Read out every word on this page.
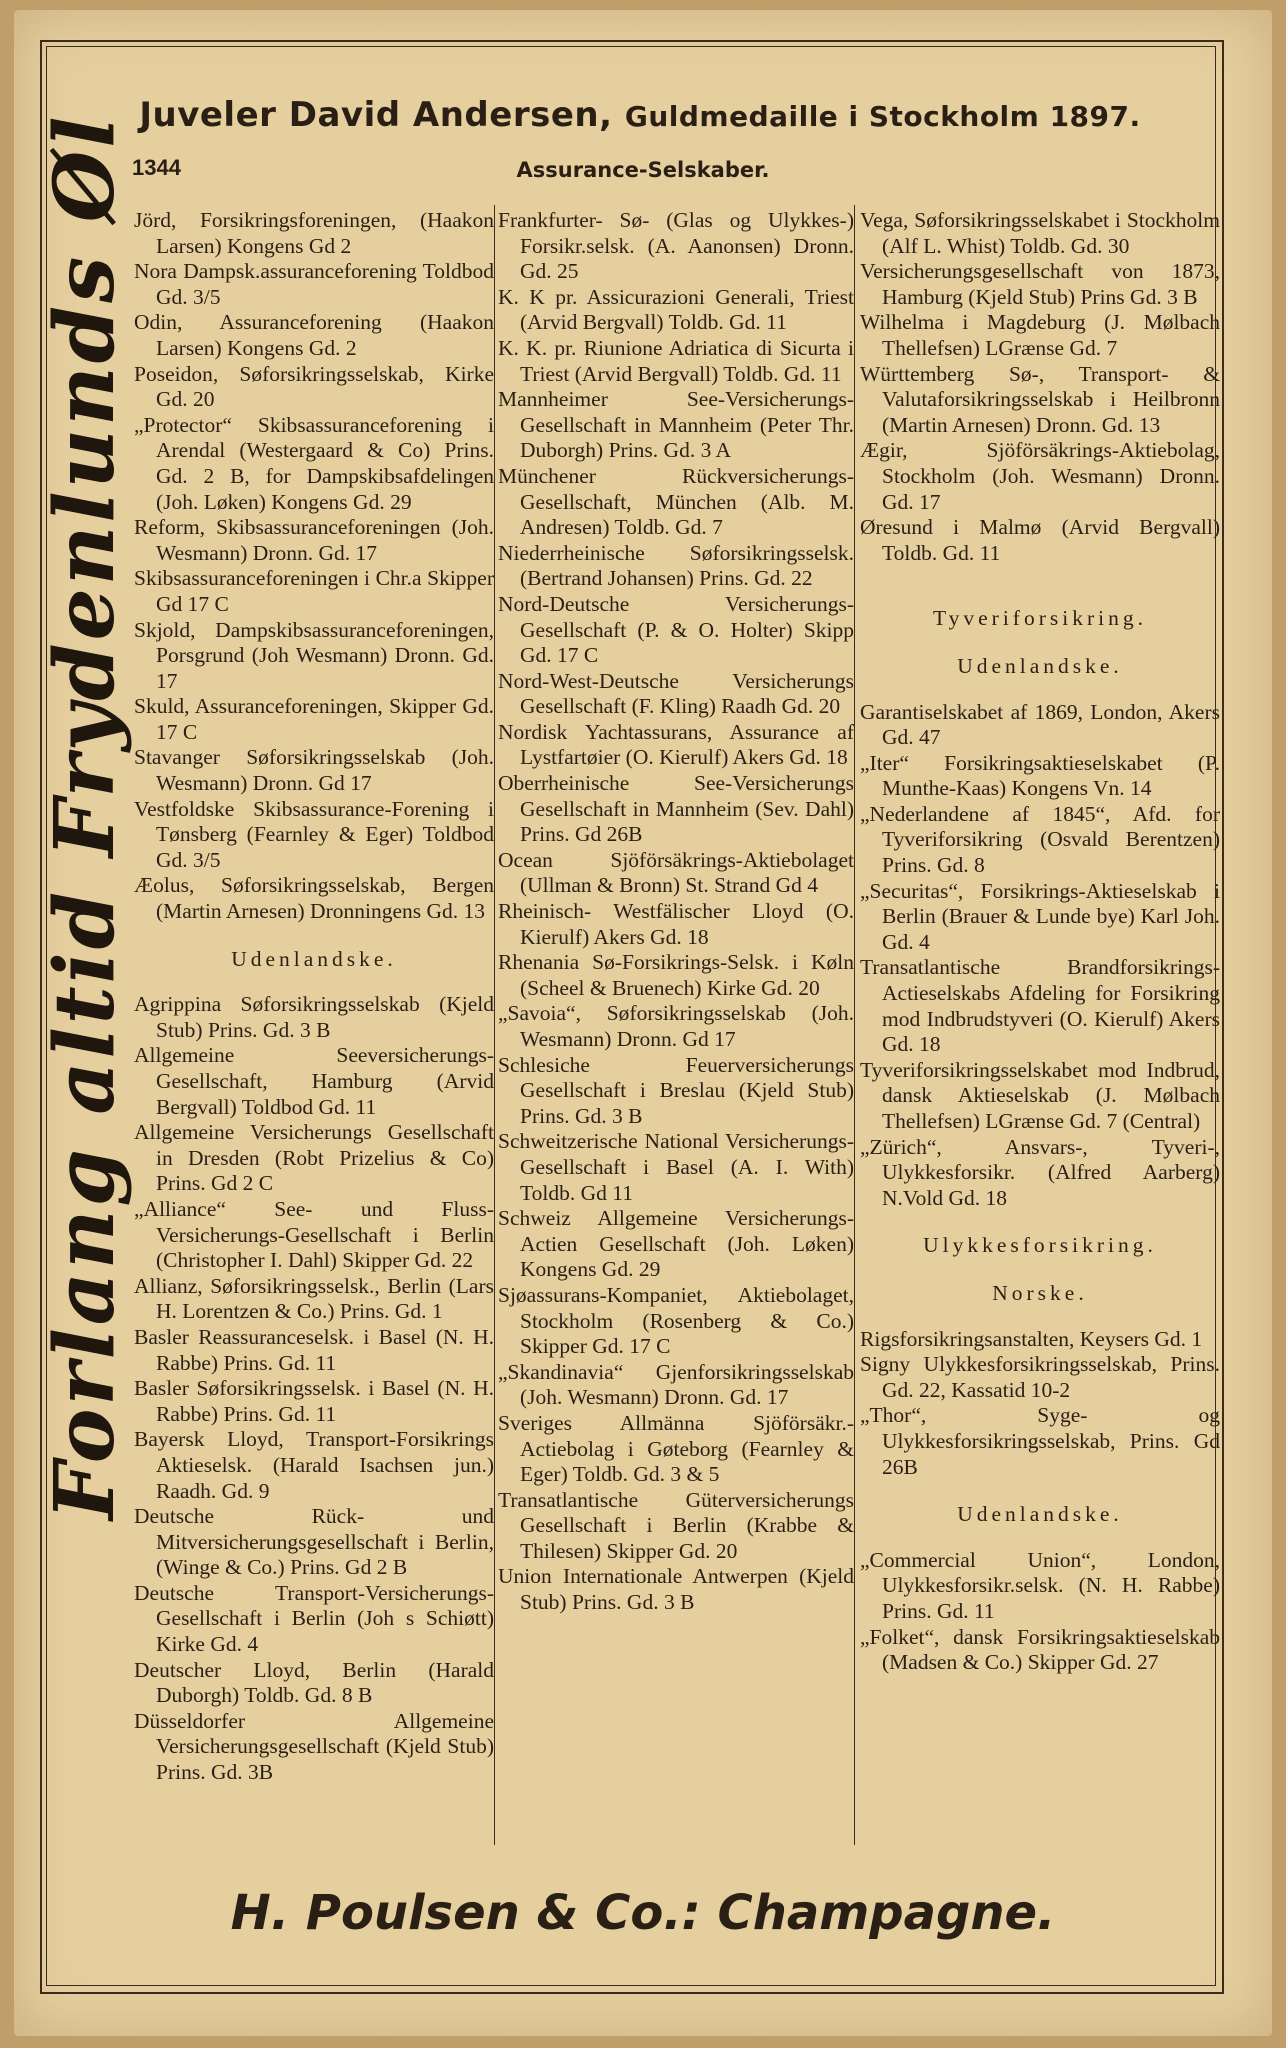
Juveler David Andersen, Guldmedaille i Stockholm 1897.
1344	Assurance-Selskaber.
Forlang altid Frydenlunds Øl Jörd, Forsikringsforeningen, (Haakon Larsen) Kongens Gd 2

Nora Dampsk.assuranceforening Toldbod Gd. 3/5

Odin, Assuranceforening (Haakon Larsen) Kongens Gd. 2

Poseidon, Søforsikringsselskab, Kirke Gd. 20

„Protector“ Skibsassuranceforening i Arendal (Westergaard & Co) Prins. Gd. 2 B, for Dampskibsafdelingen (Joh. Løken) Kongens Gd. 29

Reform, Skibsassuranceforeningen (Joh. Wesmann) Dronn. Gd. 17

Skibsassuranceforeningen i Chr.a Skipper Gd 17 C

Skjold, Dampskibsassuranceforeningen, Porsgrund (Joh Wesmann) Dronn. Gd. 17

Skuld, Assuranceforeningen, Skipper Gd. 17 C

Stavanger Søforsikringsselskab (Joh. Wesmann) Dronn. Gd 17

Vestfoldske Skibsassurance-Forening i Tønsberg (Fearnley & Eger) Toldbod Gd. 3/5

Æolus, Søforsikringsselskab, Bergen (Martin Arnesen) Dronningens Gd. 13

Udenlandske.

Agrippina Søforsikringsselskab (Kjeld Stub) Prins. Gd. 3 B

Allgemeine Seeversicherungs-Gesellschaft, Hamburg (Arvid Bergvall) Toldbod Gd. 11

Allgemeine Versicherungs Gesellschaft in Dresden (Robt Prizelius & Co) Prins. Gd 2 C

„Alliance“ See- und Fluss-Versicherungs-Gesellschaft i Berlin (Christopher I. Dahl) Skipper Gd. 22

Allianz, Søforsikringsselsk., Berlin (Lars H. Lorentzen & Co.) Prins. Gd. 1

Basler Reassuranceselsk. i Basel (N. H. Rabbe) Prins. Gd. 11

Basler Søforsikringsselsk. i Basel (N. H. Rabbe) Prins. Gd. 11

Bayersk Lloyd, Transport-Forsikrings Aktieselsk. (Harald Isachsen jun.) Raadh. Gd. 9

Deutsche Rück- und Mitversicherungsgesellschaft i Berlin, (Winge & Co.) Prins. Gd 2 B

Deutsche Transport-Versicherungs-Gesellschaft i Berlin (Joh s Schiøtt) Kirke Gd. 4

Deutscher Lloyd, Berlin (Harald Duborgh) Toldb. Gd. 8 B

Düsseldorfer Allgemeine Versicherungsgesellschaft (Kjeld Stub) Prins. Gd. 3B

Frankfurter- Sø- (Glas og Ulykkes-) Forsikr.selsk. (A. Aanonsen) Dronn. Gd. 25

K. K pr. Assicurazioni Generali, Triest (Arvid Bergvall) Toldb. Gd. 11

K. K. pr. Riunione Adriatica di Sicurta i Triest (Arvid Bergvall) Toldb. Gd. 11

Mannheimer See-Versicherungs-Gesellschaft in Mannheim (Peter Thr. Duborgh) Prins. Gd. 3 A

Münchener Rückversicherungs-Gesellschaft, München (Alb. M. Andresen) Toldb. Gd. 7

Niederrheinische Søforsikringsselsk. (Bertrand Johansen) Prins. Gd. 22

Nord-Deutsche Versicherungs-Gesellschaft (P. & O. Holter) Skipp Gd. 17 C

Nord-West-Deutsche Versicherungs Gesellschaft (F. Kling) Raadh Gd. 20

Nordisk Yachtassurans, Assurance af Lystfartøier (O. Kierulf) Akers Gd. 18

Oberrheinische See-Versicherungs Gesellschaft in Mannheim (Sev. Dahl) Prins. Gd 26B

Ocean Sjöförsäkrings-Aktiebolaget (Ullman & Bronn) St. Strand Gd 4

Rheinisch- Westfälischer Lloyd (O. Kierulf) Akers Gd. 18

Rhenania Sø-Forsikrings-Selsk. i Køln (Scheel & Bruenech) Kirke Gd. 20

„Savoia“, Søforsikringsselskab (Joh. Wesmann) Dronn. Gd 17

Schlesiche Feuerversicherungs Gesellschaft i Breslau (Kjeld Stub) Prins. Gd. 3 B

Schweitzerische National Versicherungs-Gesellschaft i Basel (A. I. With) Toldb. Gd 11

Schweiz Allgemeine Versicherungs-Actien Gesellschaft (Joh. Løken) Kongens Gd. 29

Sjøassurans-Kompaniet, Aktiebolaget, Stockholm (Rosenberg & Co.) Skipper Gd. 17 C

„Skandinavia“ Gjenforsikringsselskab (Joh. Wesmann) Dronn. Gd. 17

Sveriges Allmänna Sjöförsäkr.-Actiebolag i Gøteborg (Fearnley & Eger) Toldb. Gd. 3 & 5

Transatlantische Güterversicherungs Gesellschaft i Berlin (Krabbe & Thilesen) Skipper Gd. 20

Union Internationale Antwerpen (Kjeld Stub) Prins. Gd. 3 B

Vega, Søforsikringsselskabet i Stockholm (Alf L. Whist) Toldb. Gd. 30

Versicherungsgesellschaft von 1873, Hamburg (Kjeld Stub) Prins Gd. 3 B

Wilhelma i Magdeburg (J. Mølbach Thellefsen) LGrænse Gd. 7

Württemberg Sø-, Transport- & Valutaforsikringsselskab i Heilbronn (Martin Arnesen) Dronn. Gd. 13

Ægir, Sjöförsäkrings-Aktiebolag, Stockholm (Joh. Wesmann) Dronn. Gd. 17

Øresund i Malmø (Arvid Bergvall) Toldb. Gd. 11

Tyveriforsikring.
Udenlandske.

Garantiselskabet af 1869, London, Akers Gd. 47

„Iter“ Forsikringsaktieselskabet (P. Munthe-Kaas) Kongens Vn. 14

„Nederlandene af 1845“, Afd. for Tyveriforsikring (Osvald Berentzen) Prins. Gd. 8

„Securitas“, Forsikrings-Aktieselskab i Berlin (Brauer & Lunde bye) Karl Joh. Gd. 4

Transatlantische Brandforsikrings-Actieselskabs Afdeling for Forsikring mod Indbrudstyveri (O. Kierulf) Akers Gd. 18

Tyveriforsikringsselskabet mod Indbrud, dansk Aktieselskab (J. Mølbach Thellefsen) LGrænse Gd. 7 (Central)

„Zürich“, Ansvars-, Tyveri-, Ulykkesforsikr. (Alfred Aarberg) N.Vold Gd. 18

Ulykkesforsikring.
Norske.

Rigsforsikringsanstalten, Keysers Gd. 1

Signy Ulykkesforsikringsselskab, Prins. Gd. 22, Kassatid 10-2

„Thor“, Syge- og Ulykkesforsikringsselskab, Prins. Gd 26B

Udenlandske.

„Commercial Union“, London, Ulykkesforsikr.selsk. (N. H. Rabbe) Prins. Gd. 11

„Folket“, dansk Forsikringsaktieselskab (Madsen & Co.) Skipper Gd. 27

H. Poulsen & Co.: Champagne.
